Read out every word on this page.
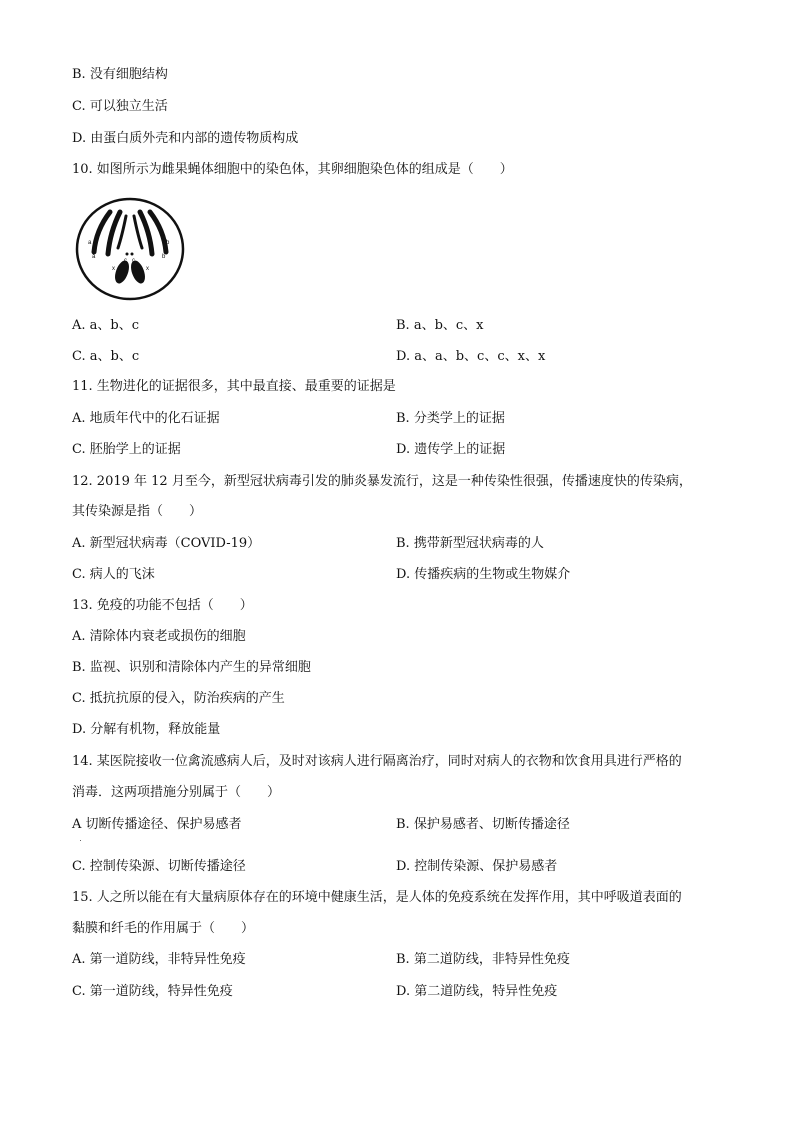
B. 没有细胞结构
C. 可以独立生活
D. 由蛋白质外壳和内部的遗传物质构成
10. 如图所示为雌果蝇体细胞中的染色体，其卵细胞染色体的组成是（　　）
a
a
b
b
c c
x	x
A. a、b、c	B. a、b、c、x
C. a、b、c	D. a、a、b、c、c、x、x
11. 生物进化的证据很多，其中最直接、最重要的证据是
A. 地质年代中的化石证据	B. 分类学上的证据
C. 胚胎学上的证据	D. 遗传学上的证据
12. 2019 年 12 月至今，新型冠状病毒引发的肺炎暴发流行，这是一种传染性很强，传播速度快的传染病，
其传染源是指（　　）
A. 新型冠状病毒（COVID-19）	B. 携带新型冠状病毒的人
C. 病人的飞沫	D. 传播疾病的生物或生物媒介
13. 免疫的功能不包括（　　）
A. 清除体内衰老或损伤的细胞
B. 监视、识别和清除体内产生的异常细胞
C. 抵抗抗原的侵入，防治疾病的产生
D. 分解有机物，释放能量
14. 某医院接收一位禽流感病人后，及时对该病人进行隔离治疗，同时对病人的衣物和饮食用具进行严格的
消毒．这两项措施分别属于（　　）
A 切断传播途径、保护易感者	B. 保护易感者、切断传播途径
C. 控制传染源、切断传播途径	D. 控制传染源、保护易感者
15. 人之所以能在有大量病原体存在的环境中健康生活，是人体的免疫系统在发挥作用，其中呼吸道表面的
黏膜和纤毛的作用属于（　　）
A. 第一道防线，非特异性免疫	B. 第二道防线，非特异性免疫
C. 第一道防线，特异性免疫	D. 第二道防线，特异性免疫
